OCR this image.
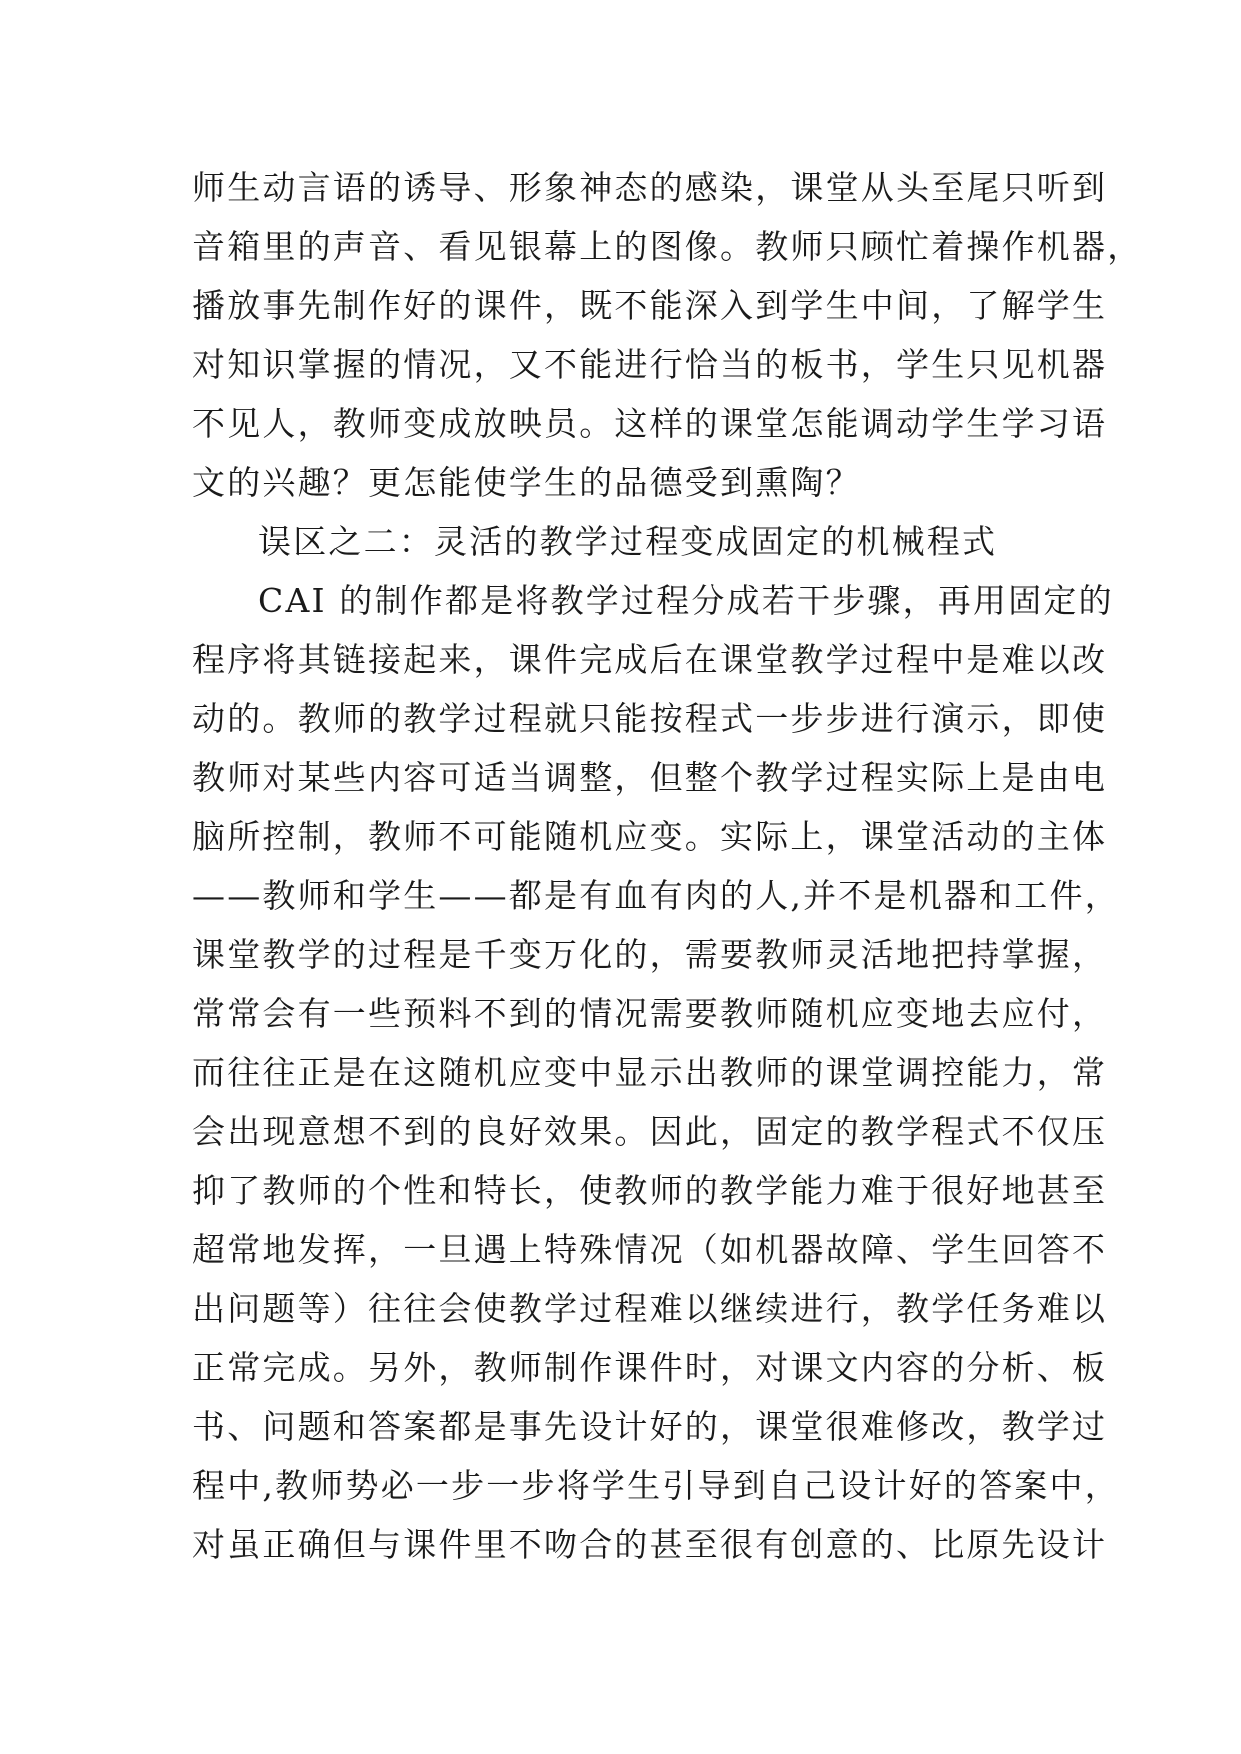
师生动言语的诱导、形象神态的感染，课堂从头至尾只听到
音箱里的声音、看见银幕上的图像。教师只顾忙着操作机器，
播放事先制作好的课件，既不能深入到学生中间，了解学生
对知识掌握的情况，又不能进行恰当的板书，学生只见机器
不见人，教师变成放映员。这样的课堂怎能调动学生学习语
文的兴趣？更怎能使学生的品德受到熏陶？
误区之二：灵活的教学过程变成固定的机械程式
CAI 的制作都是将教学过程分成若干步骤，再用固定的
程序将其链接起来，课件完成后在课堂教学过程中是难以改
动的。教师的教学过程就只能按程式一步步进行演示，即使
教师对某些内容可适当调整，但整个教学过程实际上是由电
脑所控制，教师不可能随机应变。实际上，课堂活动的主体
——教师和学生——都是有血有肉的人,并不是机器和工件，
课堂教学的过程是千变万化的，需要教师灵活地把持掌握，
常常会有一些预料不到的情况需要教师随机应变地去应付，
而往往正是在这随机应变中显示出教师的课堂调控能力，常
会出现意想不到的良好效果。因此，固定的教学程式不仅压
抑了教师的个性和特长，使教师的教学能力难于很好地甚至
超常地发挥，一旦遇上特殊情况（如机器故障、学生回答不
出问题等）往往会使教学过程难以继续进行，教学任务难以
正常完成。另外，教师制作课件时，对课文内容的分析、板
书、问题和答案都是事先设计好的，课堂很难修改，教学过
程中,教师势必一步一步将学生引导到自己设计好的答案中，
对虽正确但与课件里不吻合的甚至很有创意的、比原先设计
